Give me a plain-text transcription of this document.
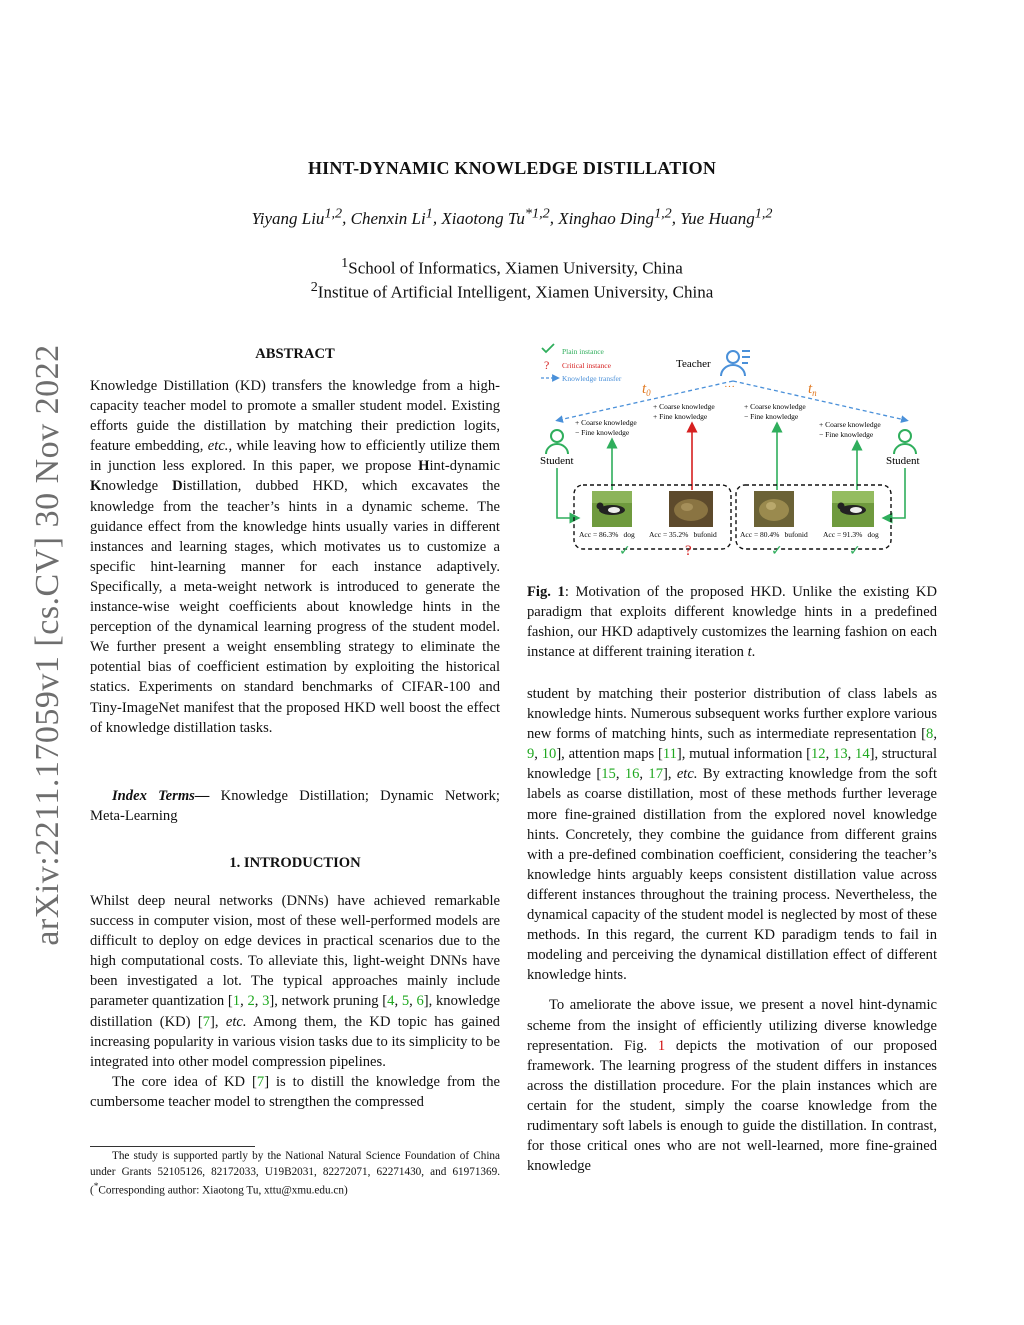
arXiv:2211.17059v1 [cs.CV] 30 Nov 2022
HINT-DYNAMIC KNOWLEDGE DISTILLATION
Yiyang Liu$^{1,2}$, Chenxin Li$^1$, Xiaotong Tu$^{*1,2}$, Xinghao Ding$^{1,2}$, Yue Huang$^{1,2}$
$^1$School of Informatics, Xiamen University, China
$^2$Institue of Artificial Intelligent, Xiamen University, China
ABSTRACT

Knowledge Distillation (KD) transfers the knowledge from a high-capacity teacher model to promote a smaller student model. Existing efforts guide the distillation by matching their prediction logits, feature embedding, etc., while leaving how to efficiently utilize them in junction less explored. In this paper, we propose Hint-dynamic Knowledge Distillation, dubbed HKD, which excavates the knowledge from the teacher’s hints in a dynamic scheme. The guidance effect from the knowledge hints usually varies in different instances and learning stages, which motivates us to customize a specific hint-learning manner for each instance adaptively. Specifically, a meta-weight network is introduced to generate the instance-wise weight coefficients about knowledge hints in the perception of the dynamical learning progress of the student model. We further present a weight ensembling strategy to eliminate the potential bias of coefficient estimation by exploiting the historical statics. Experiments on standard benchmarks of CIFAR-100 and Tiny-ImageNet manifest that the proposed HKD well boost the effect of knowledge distillation tasks.

Index Terms— Knowledge Distillation; Dynamic Network; Meta-Learning

1. INTRODUCTION

Whilst deep neural networks (DNNs) have achieved remarkable success in computer vision, most of these well-performed models are difficult to deploy on edge devices in practical scenarios due to the high computational costs. To alleviate this, light-weight DNNs have been investigated a lot. The typical approaches mainly include parameter quantization [1, 2, 3], network pruning [4, 5, 6], knowledge distillation (KD) [7], etc. Among them, the KD topic has gained increasing popularity in various vision tasks due to its simplicity to be integrated into other model compression pipelines.

The core idea of KD [7] is to distill the knowledge from the cumbersome teacher model to strengthen the compressed

The study is supported partly by the National Natural Science Foundation of China under Grants 52105126, 82172033, U19B2031, 82272071, 62271430, and 61971369.(*Corresponding author: Xiaotong Tu, xttu@xmu.edu.cn)

Plain instance
? Critical instance
Knowledge transfer
Teacher
$t_0$	···	$t_n$
+ Coarse knowledge
− Fine knowledge
+ Coarse knowledge
+ Fine knowledge
+ Coarse knowledge
− Fine knowledge
+ Coarse knowledge
− Fine knowledge
Student	Student
Acc = 86.3% dog Acc = 35.2% bufonid	Acc = 80.4% bufonid Acc = 91.3% dog
✓	?	✓	✓
Fig. 1: Motivation of the proposed HKD. Unlike the existing KD paradigm that exploits different knowledge hints in a predefined fashion, our HKD adaptively customizes the learning fashion on each instance at different training iteration t.

student by matching their posterior distribution of class labels as knowledge hints. Numerous subsequent works further explore various new forms of matching hints, such as intermediate representation [8, 9, 10], attention maps [11], mutual information [12, 13, 14], structural knowledge [15, 16, 17], etc. By extracting knowledge from the soft labels as coarse distillation, most of these methods further leverage more fine-grained distillation from the explored novel knowledge hints. Concretely, they combine the guidance from different grains with a pre-defined combination coefficient, considering the teacher’s knowledge hints arguably keeps consistent distillation value across different instances throughout the training process. Nevertheless, the dynamical capacity of the student model is neglected by most of these methods. In this regard, the current KD paradigm tends to fail in modeling and perceiving the dynamical distillation effect of different knowledge hints.

To ameliorate the above issue, we present a novel hint-dynamic scheme from the insight of efficiently utilizing diverse knowledge representation. Fig. 1 depicts the motivation of our proposed framework. The learning progress of the student differs in instances across the distillation procedure. For the plain instances which are certain for the student, simply the coarse knowledge from the rudimentary soft labels is enough to guide the distillation. In contrast, for those critical ones who are not well-learned, more fine-grained knowledge
